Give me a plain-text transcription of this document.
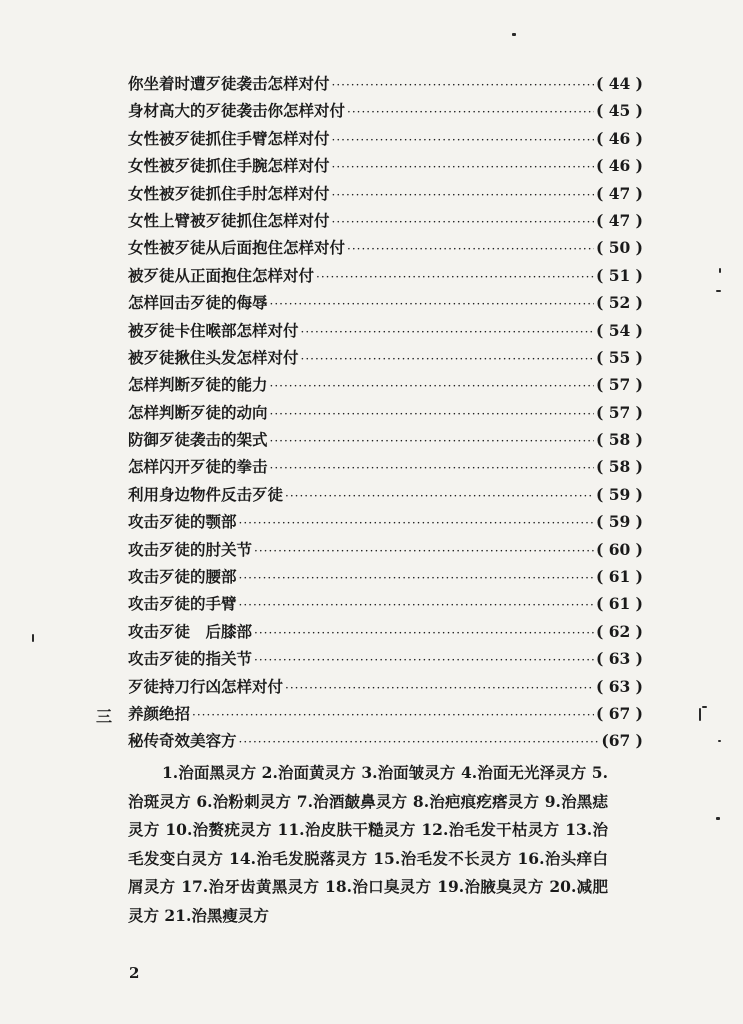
你坐着时遭歹徒袭击怎样对付 ·····	( 44 )
身材高大的歹徒袭击你怎样对付 ·····	( 45 )
女性被歹徒抓住手臂怎样对付 ·····	( 46 )
女性被歹徒抓住手腕怎样对付 ·····	( 46 )
女性被歹徒抓住手肘怎样对付 ·····	( 47 )
女性上臂被歹徒抓住怎样对付 ·····	( 47 )
女性被歹徒从后面抱住怎样对付 ·····	( 50 )
被歹徒从正面抱住怎样对付 ·····	( 51 )
怎样回击歹徒的侮辱 ·····	( 52 )
被歹徒卡住喉部怎样对付 ·····	( 54 )
被歹徒揪住头发怎样对付 ·····	( 55 )
怎样判断歹徒的能力 ·····	( 57 )
怎样判断歹徒的动向 ·····	( 57 )
防御歹徒袭击的架式 ·····	( 58 )
怎样闪开歹徒的拳击 ·····	( 58 )
利用身边物件反击歹徒 ·····	( 59 )
攻击歹徒的颚部 ·····	( 59 )
攻击歹徒的肘关节 ·····	( 60 )
攻击歹徒的腰部 ·····	( 61 )
攻击歹徒的手臂 ·····	( 61 )
攻击歹徒　后膝部 ·····	( 62 )
攻击歹徒的指关节 ·····	( 63 )
歹徒持刀行凶怎样对付 ·····	( 63 )
养颜绝招 ·····	( 67 )
秘传奇效美容方 ·····	(67 )
三
1.治面黑灵方 2.治面黄灵方 3.治面皱灵方 4.治面无光泽灵方 5.治斑灵方 6.治粉刺灵方 7.治酒皶鼻灵方 8.治疤痕疙瘩灵方 9.治黑痣灵方 10.治赘疣灵方 11.治皮肤干糙灵方 12.治毛发干枯灵方 13.治毛发变白灵方 14.治毛发脱落灵方 15.治毛发不长灵方 16.治头痒白屑灵方 17.治牙齿黄黑灵方 18.治口臭灵方 19.治腋臭灵方 20.减肥灵方 21.治黑瘦灵方
2
